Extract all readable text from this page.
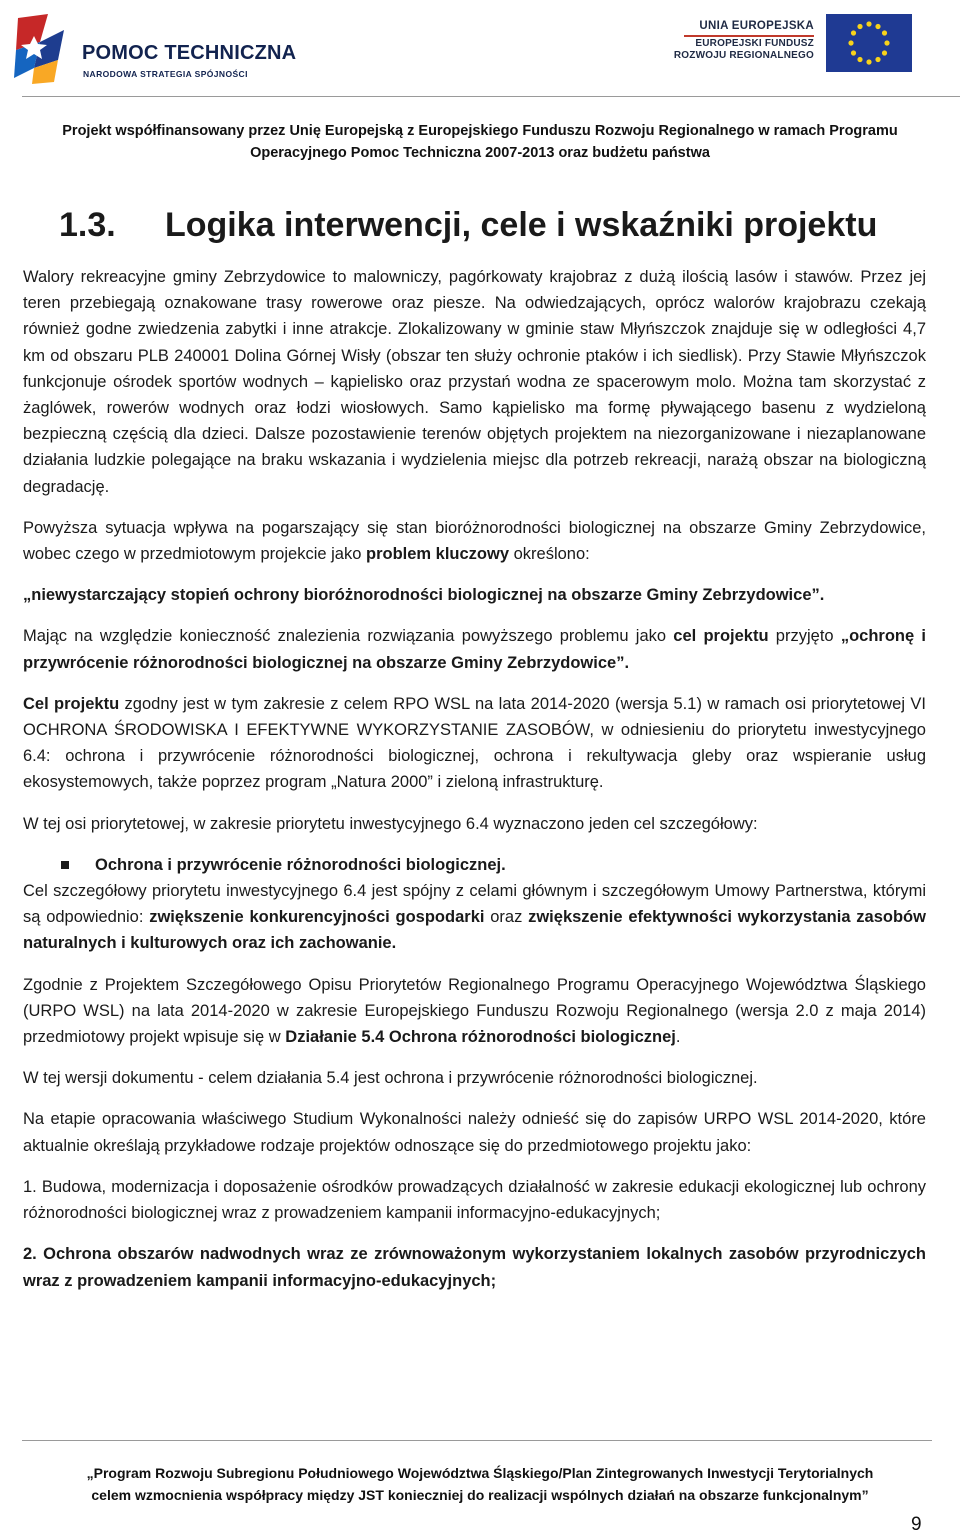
POMOC TECHNICZNA
NARODOWA STRATEGIA SPÓJNOŚCI
UNIA EUROPEJSKA
EUROPEJSKI FUNDUSZ
ROZWOJU REGIONALNEGO
Projekt współfinansowany przez Unię Europejską z Europejskiego Funduszu Rozwoju Regionalnego w ramach Programu
Operacyjnego Pomoc Techniczna 2007-2013 oraz budżetu państwa
1.3. Logika interwencji, cele i wskaźniki projektu

Walory rekreacyjne gminy Zebrzydowice to malowniczy, pagórkowaty krajobraz z dużą ilością lasów i stawów. Przez jej teren przebiegają oznakowane trasy rowerowe oraz piesze. Na odwiedzających, oprócz walorów krajobrazu czekają również godne zwiedzenia zabytki i inne atrakcje. Zlokalizowany w gminie staw Młyńszczok znajduje się w odległości 4,7 km od obszaru PLB 240001 Dolina Górnej Wisły (obszar ten służy ochronie ptaków i ich siedlisk). Przy Stawie Młyńszczok funkcjonuje ośrodek sportów wodnych – kąpielisko oraz przystań wodna ze spacerowym molo. Można tam skorzystać z żaglówek, rowerów wodnych oraz łodzi wiosłowych. Samo kąpielisko ma formę pływającego basenu z wydzieloną bezpieczną częścią dla dzieci. Dalsze pozostawienie terenów objętych projektem na niezorganizowane i niezaplanowane działania ludzkie polegające na braku wskazania i wydzielenia miejsc dla potrzeb rekreacji, narażą obszar na biologiczną degradację.

Powyższa sytuacja wpływa na pogarszający się stan bioróżnorodności biologicznej na obszarze Gminy Zebrzydowice, wobec czego w przedmiotowym projekcie jako problem kluczowy określono:

„niewystarczający stopień ochrony bioróżnorodności biologicznej na obszarze Gminy Zebrzydowice”.

Mając na względzie konieczność znalezienia rozwiązania powyższego problemu jako cel projektu przyjęto „ochronę i przywrócenie różnorodności biologicznej na obszarze Gminy Zebrzydowice”.

Cel projektu zgodny jest w tym zakresie z celem RPO WSL na lata 2014-2020 (wersja 5.1) w ramach osi priorytetowej VI OCHRONA ŚRODOWISKA I EFEKTYWNE WYKORZYSTANIE ZASOBÓW, w odniesieniu do priorytetu inwestycyjnego 6.4: ochrona i przywrócenie różnorodności biologicznej, ochrona i rekultywacja gleby oraz wspieranie usług ekosystemowych, także poprzez program „Natura 2000” i zieloną infrastrukturę.

W tej osi priorytetowej, w zakresie priorytetu inwestycyjnego 6.4 wyznaczono jeden cel szczegółowy:

Ochrona i przywrócenie różnorodności biologicznej.

Cel szczegółowy priorytetu inwestycyjnego 6.4 jest spójny z celami głównym i szczegółowym Umowy Partnerstwa, którymi są odpowiednio: zwiększenie konkurencyjności gospodarki oraz zwiększenie efektywności wykorzystania zasobów naturalnych i kulturowych oraz ich zachowanie.

Zgodnie z Projektem Szczegółowego Opisu Priorytetów Regionalnego Programu Operacyjnego Województwa Śląskiego (URPO WSL) na lata 2014-2020 w zakresie Europejskiego Funduszu Rozwoju Regionalnego (wersja 2.0 z maja 2014) przedmiotowy projekt wpisuje się w Działanie 5.4 Ochrona różnorodności biologicznej.

W tej wersji dokumentu - celem działania 5.4 jest ochrona i przywrócenie różnorodności biologicznej.

Na etapie opracowania właściwego Studium Wykonalności należy odnieść się do zapisów URPO WSL 2014-2020, które aktualnie określają przykładowe rodzaje projektów odnoszące się do przedmiotowego projektu jako:

1. Budowa, modernizacja i doposażenie ośrodków prowadzących działalność w zakresie edukacji ekologicznej lub ochrony różnorodności biologicznej wraz z prowadzeniem kampanii informacyjno-edukacyjnych;

2. Ochrona obszarów nadwodnych wraz ze zrównoważonym wykorzystaniem lokalnych zasobów przyrodniczych wraz z prowadzeniem kampanii informacyjno-edukacyjnych;

„Program Rozwoju Subregionu Południowego Województwa Śląskiego/Plan Zintegrowanych Inwestycji Terytorialnych
celem wzmocnienia współpracy między JST konieczniej do realizacji wspólnych działań na obszarze funkcjonalnym”
9
